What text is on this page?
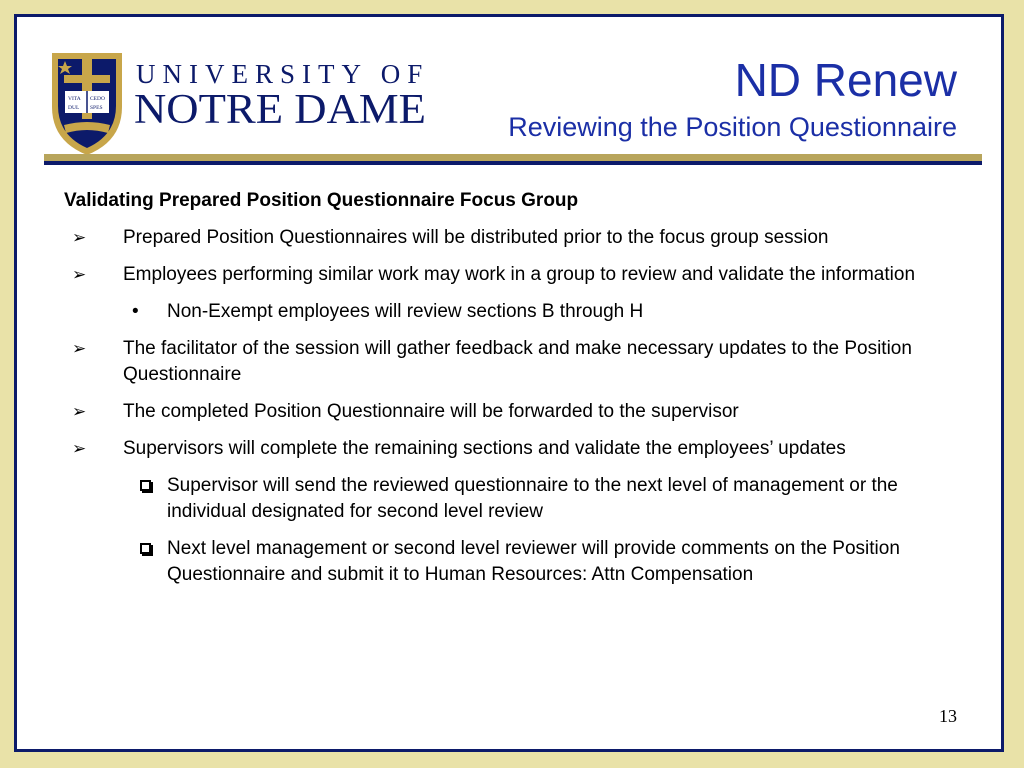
VITA
DUL
CEDO
SPES
UNIVERSITY OF
NOTRE DAME
ND Renew
Reviewing the Position Questionnaire
Validating Prepared Position Questionnaire Focus Group
➢ Prepared Position Questionnaires will be distributed prior to the focus group session
➢ Employees performing similar work may work in a group to review and validate the information
• Non-Exempt employees will review sections B through H
➢ The facilitator of the session will gather feedback and make necessary updates to the Position Questionnaire
➢ The completed Position Questionnaire will be forwarded to the supervisor
➢ Supervisors will complete the remaining sections and validate the employees’ updates
Supervisor will send the reviewed questionnaire to the next level of management or the individual designated for second level review
Next level management or second level reviewer will provide comments on the Position Questionnaire and submit it to Human Resources: Attn Compensation
13
